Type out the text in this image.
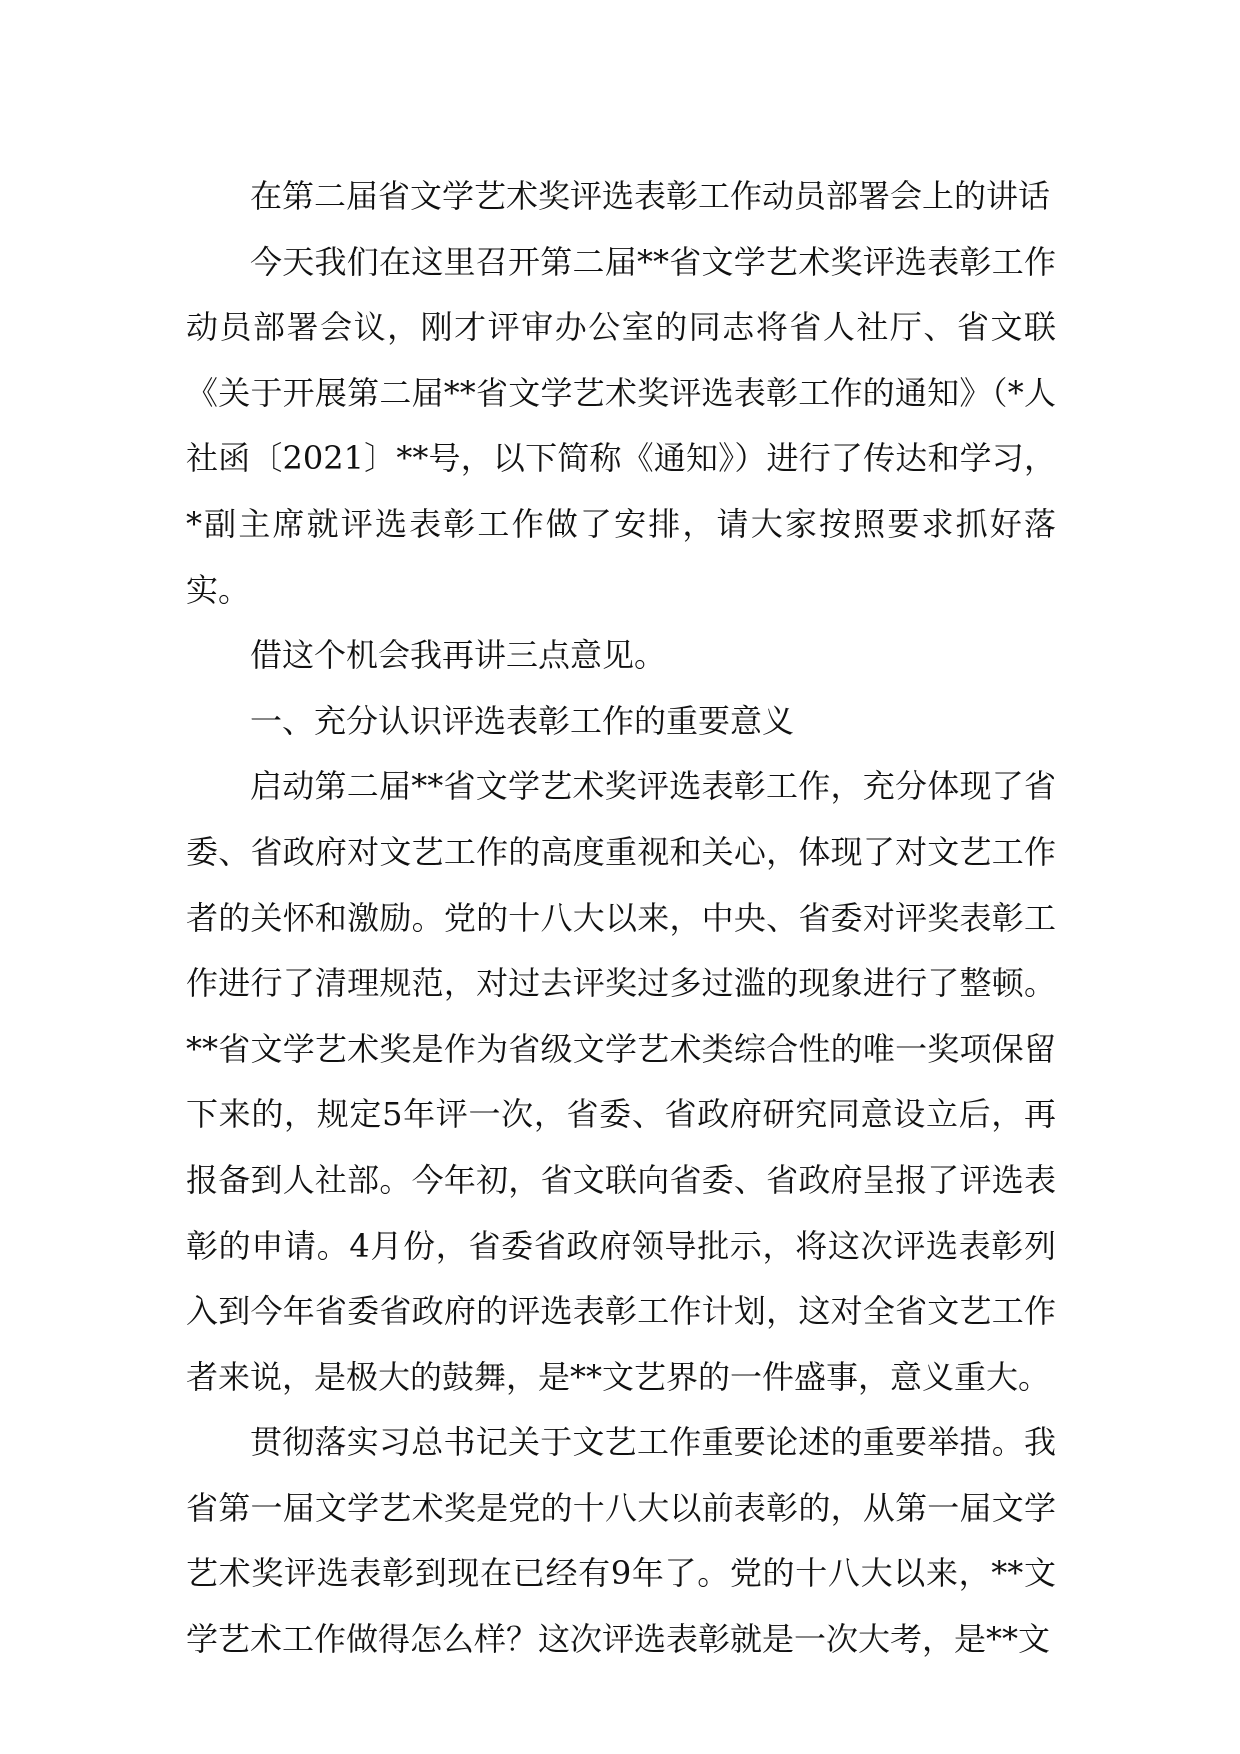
在第二届省文学艺术奖评选表彰工作动员部署会上的讲话

今天我们在这里召开第二届**省文学艺术奖评选表彰工作动员部署会议，刚才评审办公室的同志将省人社厅、省文联《关于开展第二届**省文学艺术奖评选表彰工作的通知》（*人社函〔2021〕**号，以下简称《通知》）进行了传达和学习，*副主席就评选表彰工作做了安排，请大家按照要求抓好落实。

借这个机会我再讲三点意见。

一、充分认识评选表彰工作的重要意义

启动第二届**省文学艺术奖评选表彰工作，充分体现了省委、省政府对文艺工作的高度重视和关心，体现了对文艺工作者的关怀和激励。党的十八大以来，中央、省委对评奖表彰工作进行了清理规范，对过去评奖过多过滥的现象进行了整顿。**省文学艺术奖是作为省级文学艺术类综合性的唯一奖项保留下来的，规定5年评一次，省委、省政府研究同意设立后，再报备到人社部。今年初，省文联向省委、省政府呈报了评选表彰的申请。4月份，省委省政府领导批示，将这次评选表彰列入到今年省委省政府的评选表彰工作计划，这对全省文艺工作者来说，是极大的鼓舞，是**文艺界的一件盛事，意义重大。

贯彻落实习总书记关于文艺工作重要论述的重要举措。我省第一届文学艺术奖是党的十八大以前表彰的，从第一届文学艺术奖评选表彰到现在已经有9年了。党的十八大以来，**文学艺术工作做得怎么样？这次评选表彰就是一次大考，是**文
